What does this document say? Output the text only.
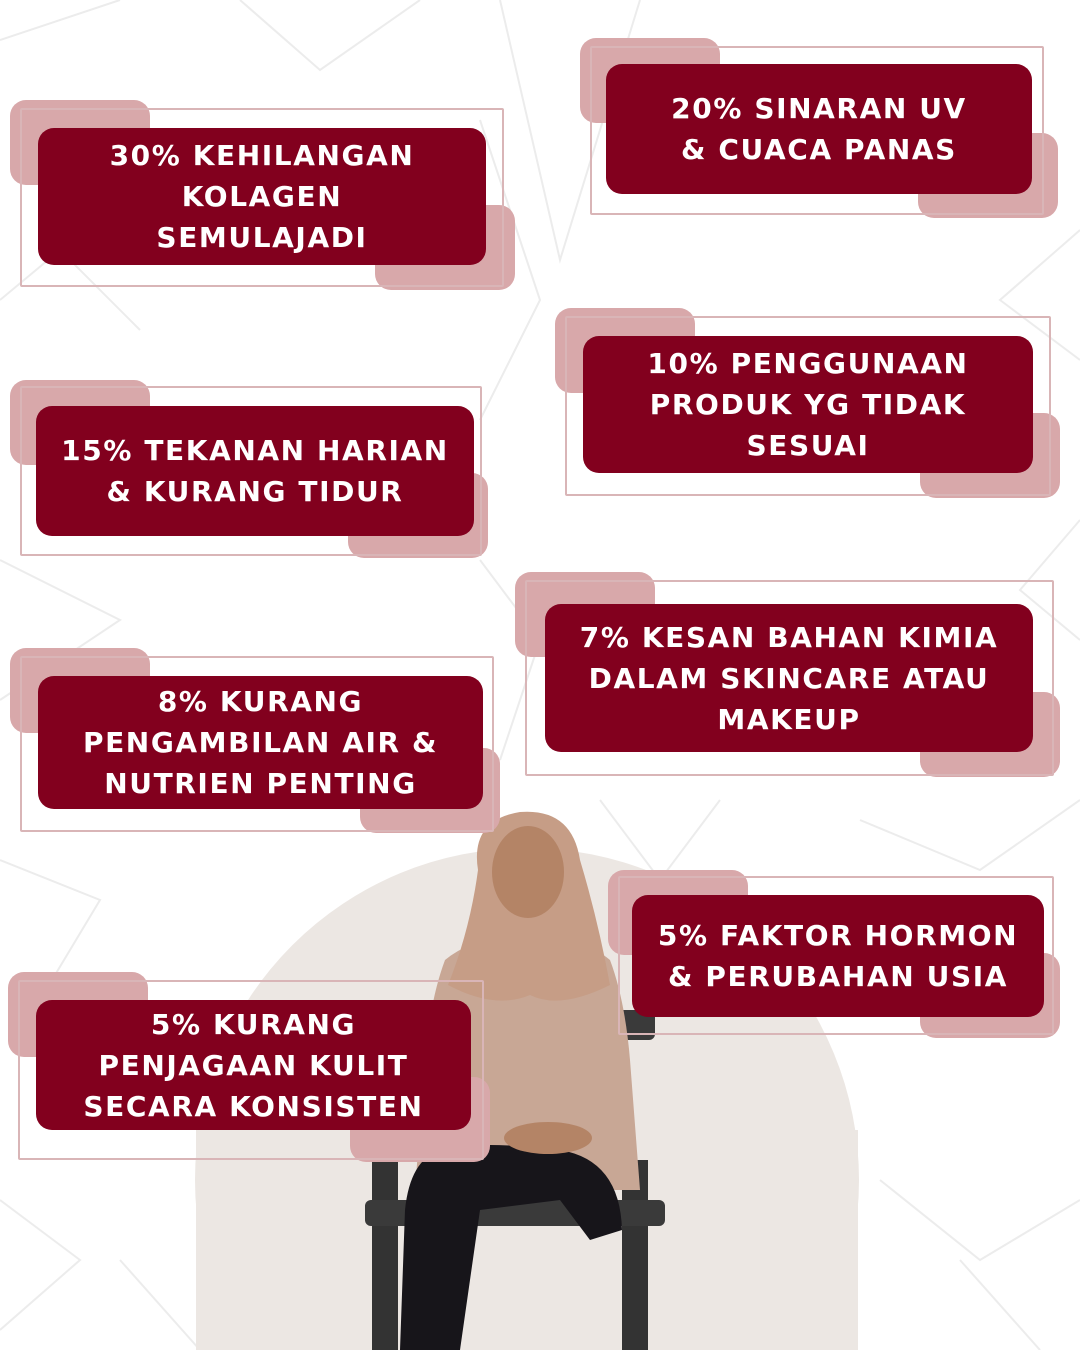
30% KEHILANGAN
KOLAGEN
SEMULAJADI
20% SINARAN UV
& CUACA PANAS
15% TEKANAN HARIAN
& KURANG TIDUR
10% PENGGUNAAN
PRODUK YG TIDAK
SESUAI
8% KURANG
PENGAMBILAN AIR &
NUTRIEN PENTING
7% KESAN BAHAN KIMIA
DALAM SKINCARE ATAU
MAKEUP
5% FAKTOR HORMON
& PERUBAHAN USIA
5% KURANG
PENJAGAAN KULIT
SECARA KONSISTEN
